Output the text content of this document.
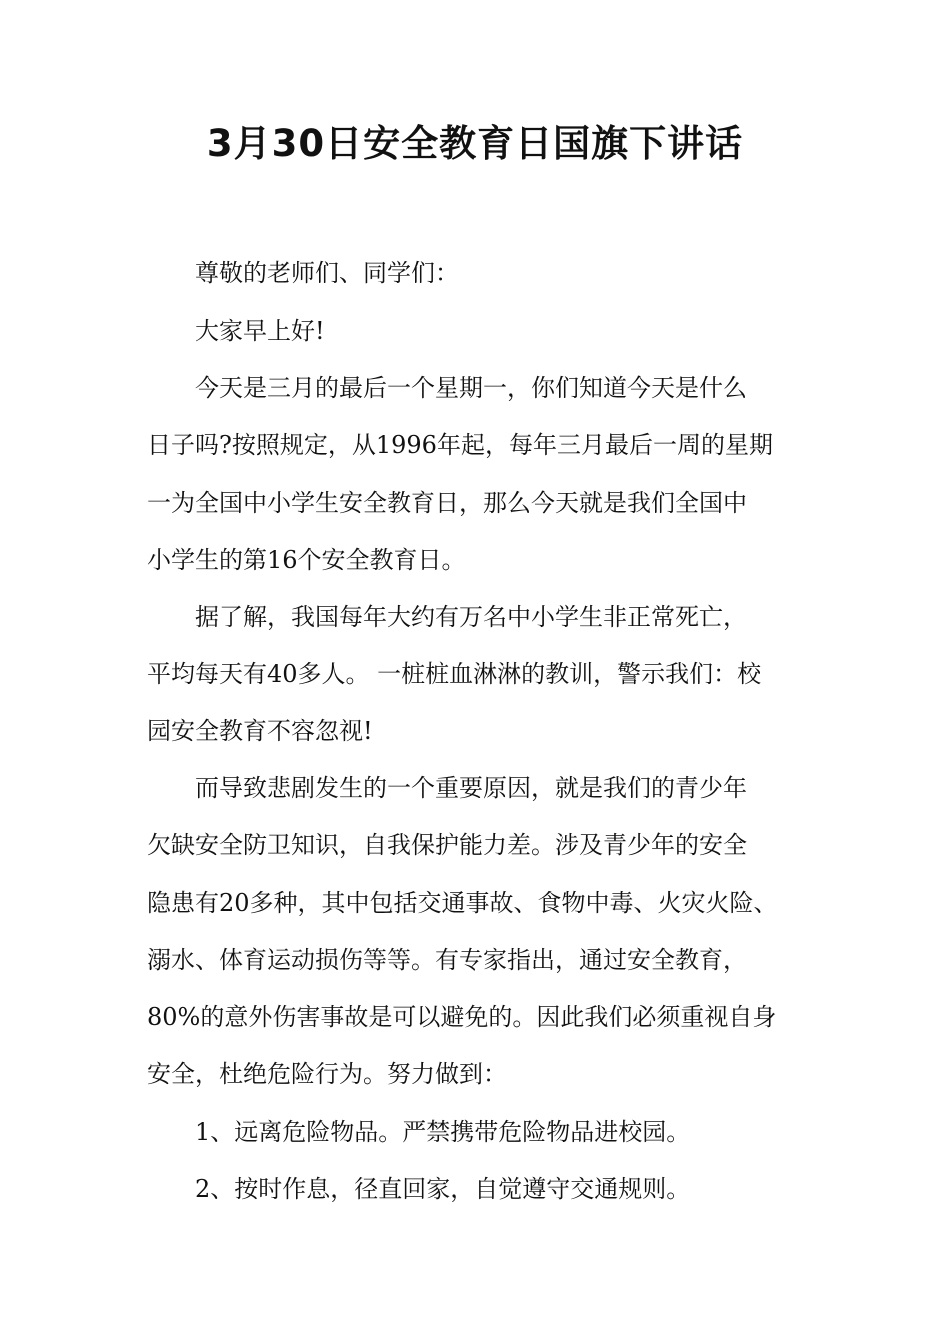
3月30日安全教育日国旗下讲话

尊敬的老师们、同学们：

大家早上好!

今天是三月的最后一个星期一，你们知道今天是什么

日子吗?按照规定，从1996年起，每年三月最后一周的星期

一为全国中小学生安全教育日，那么今天就是我们全国中

小学生的第16个安全教育日。

据了解，我国每年大约有万名中小学生非正常死亡，

平均每天有40多人。 一桩桩血淋淋的教训，警示我们：校

园安全教育不容忽视!

而导致悲剧发生的一个重要原因，就是我们的青少年

欠缺安全防卫知识，自我保护能力差。涉及青少年的安全

隐患有20多种，其中包括交通事故、食物中毒、火灾火险、

溺水、体育运动损伤等等。有专家指出，通过安全教育，

80%的意外伤害事故是可以避免的。因此我们必须重视自身

安全，杜绝危险行为。努力做到：

1、远离危险物品。严禁携带危险物品进校园。

2、按时作息，径直回家，自觉遵守交通规则。
